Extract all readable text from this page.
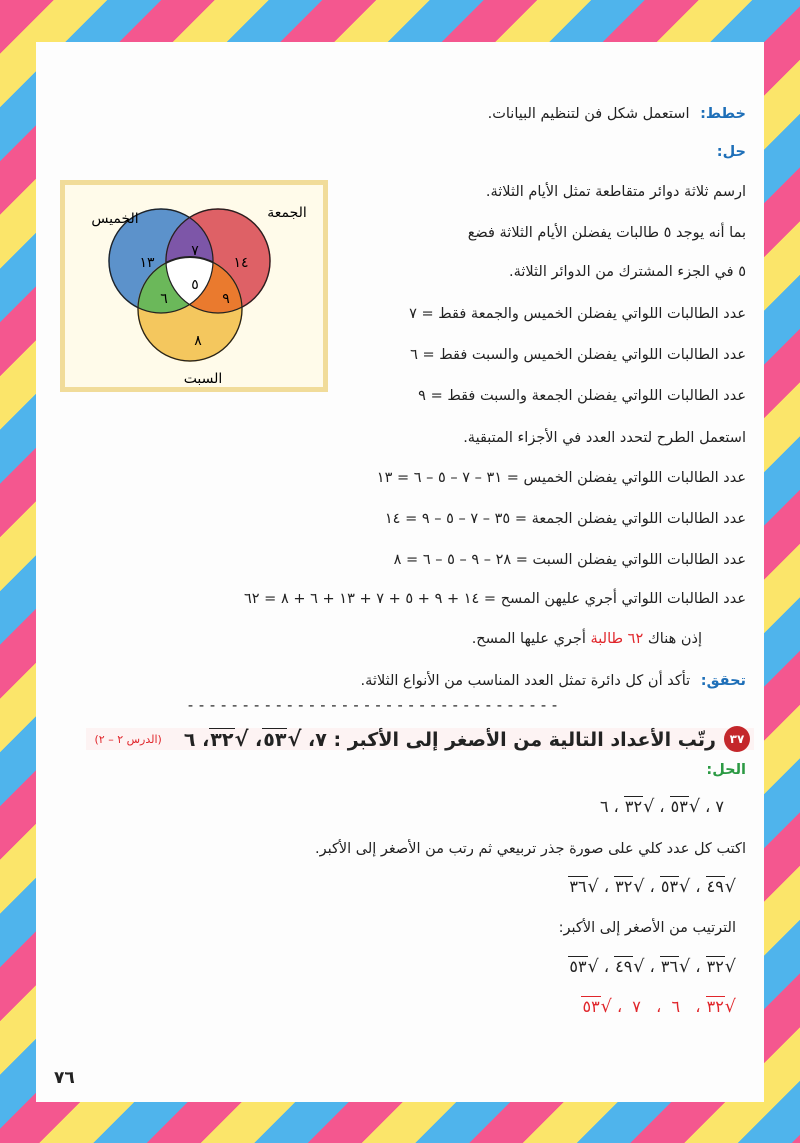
خطط: استعمل شكل فن لتنظيم البيانات.
حل:
الخميس	الجمعة
السبت
١٣	١٤
٨
٧
٦	٩
٥
ارسم ثلاثة دوائر متقاطعة تمثل الأيام الثلاثة.
بما أنه يوجد ٥ طالبات يفضلن الأيام الثلاثة فضع
٥ في الجزء المشترك من الدوائر الثلاثة.
عدد الطالبات اللواتي يفضلن الخميس والجمعة فقط = ٧
عدد الطالبات اللواتي يفضلن الخميس والسبت فقط = ٦
عدد الطالبات اللواتي يفضلن الجمعة والسبت فقط = ٩
استعمل الطرح لتحدد العدد في الأجزاء المتبقية.
عدد الطالبات اللواتي يفضلن الخميس = ٣١ – ٧ – ٥ – ٦ = ١٣
عدد الطالبات اللواتي يفضلن الجمعة = ٣٥ – ٧ – ٥ – ٩ = ١٤
عدد الطالبات اللواتي يفضلن السبت = ٢٨ – ٩ – ٥ – ٦ = ٨
عدد الطالبات اللواتي أجري عليهن المسح = ١٤ + ٩ + ٥ + ٧ + ١٣ + ٦ + ٨ = ٦٢
إذن هناك ٦٢ طالبة أجري عليها المسح.
تحقق: تأكد أن كل دائرة تمثل العدد المناسب من الأنواع الثلاثة.
----------------------------------
٣٧
رتّب الأعداد التالية من الأصغر إلى الأكبر : ٧، √٥٣، √٣٢، ٦
(الدرس ٢ – ٢)
الحل:
٧ ، √٥٣ ، √٣٢ ، ٦
اكتب كل عدد كلي على صورة جذر تربيعي ثم رتب من الأصغر إلى الأكبر.
√٤٩ ، √٥٣ ، √٣٢ ، √٣٦
الترتيب من الأصغر إلى الأكبر:
√٣٢ ، √٣٦ ، √٤٩ ، √٥٣
√٣٢ ،   ٦  ،   ٧  ، √٥٣
٧٦
